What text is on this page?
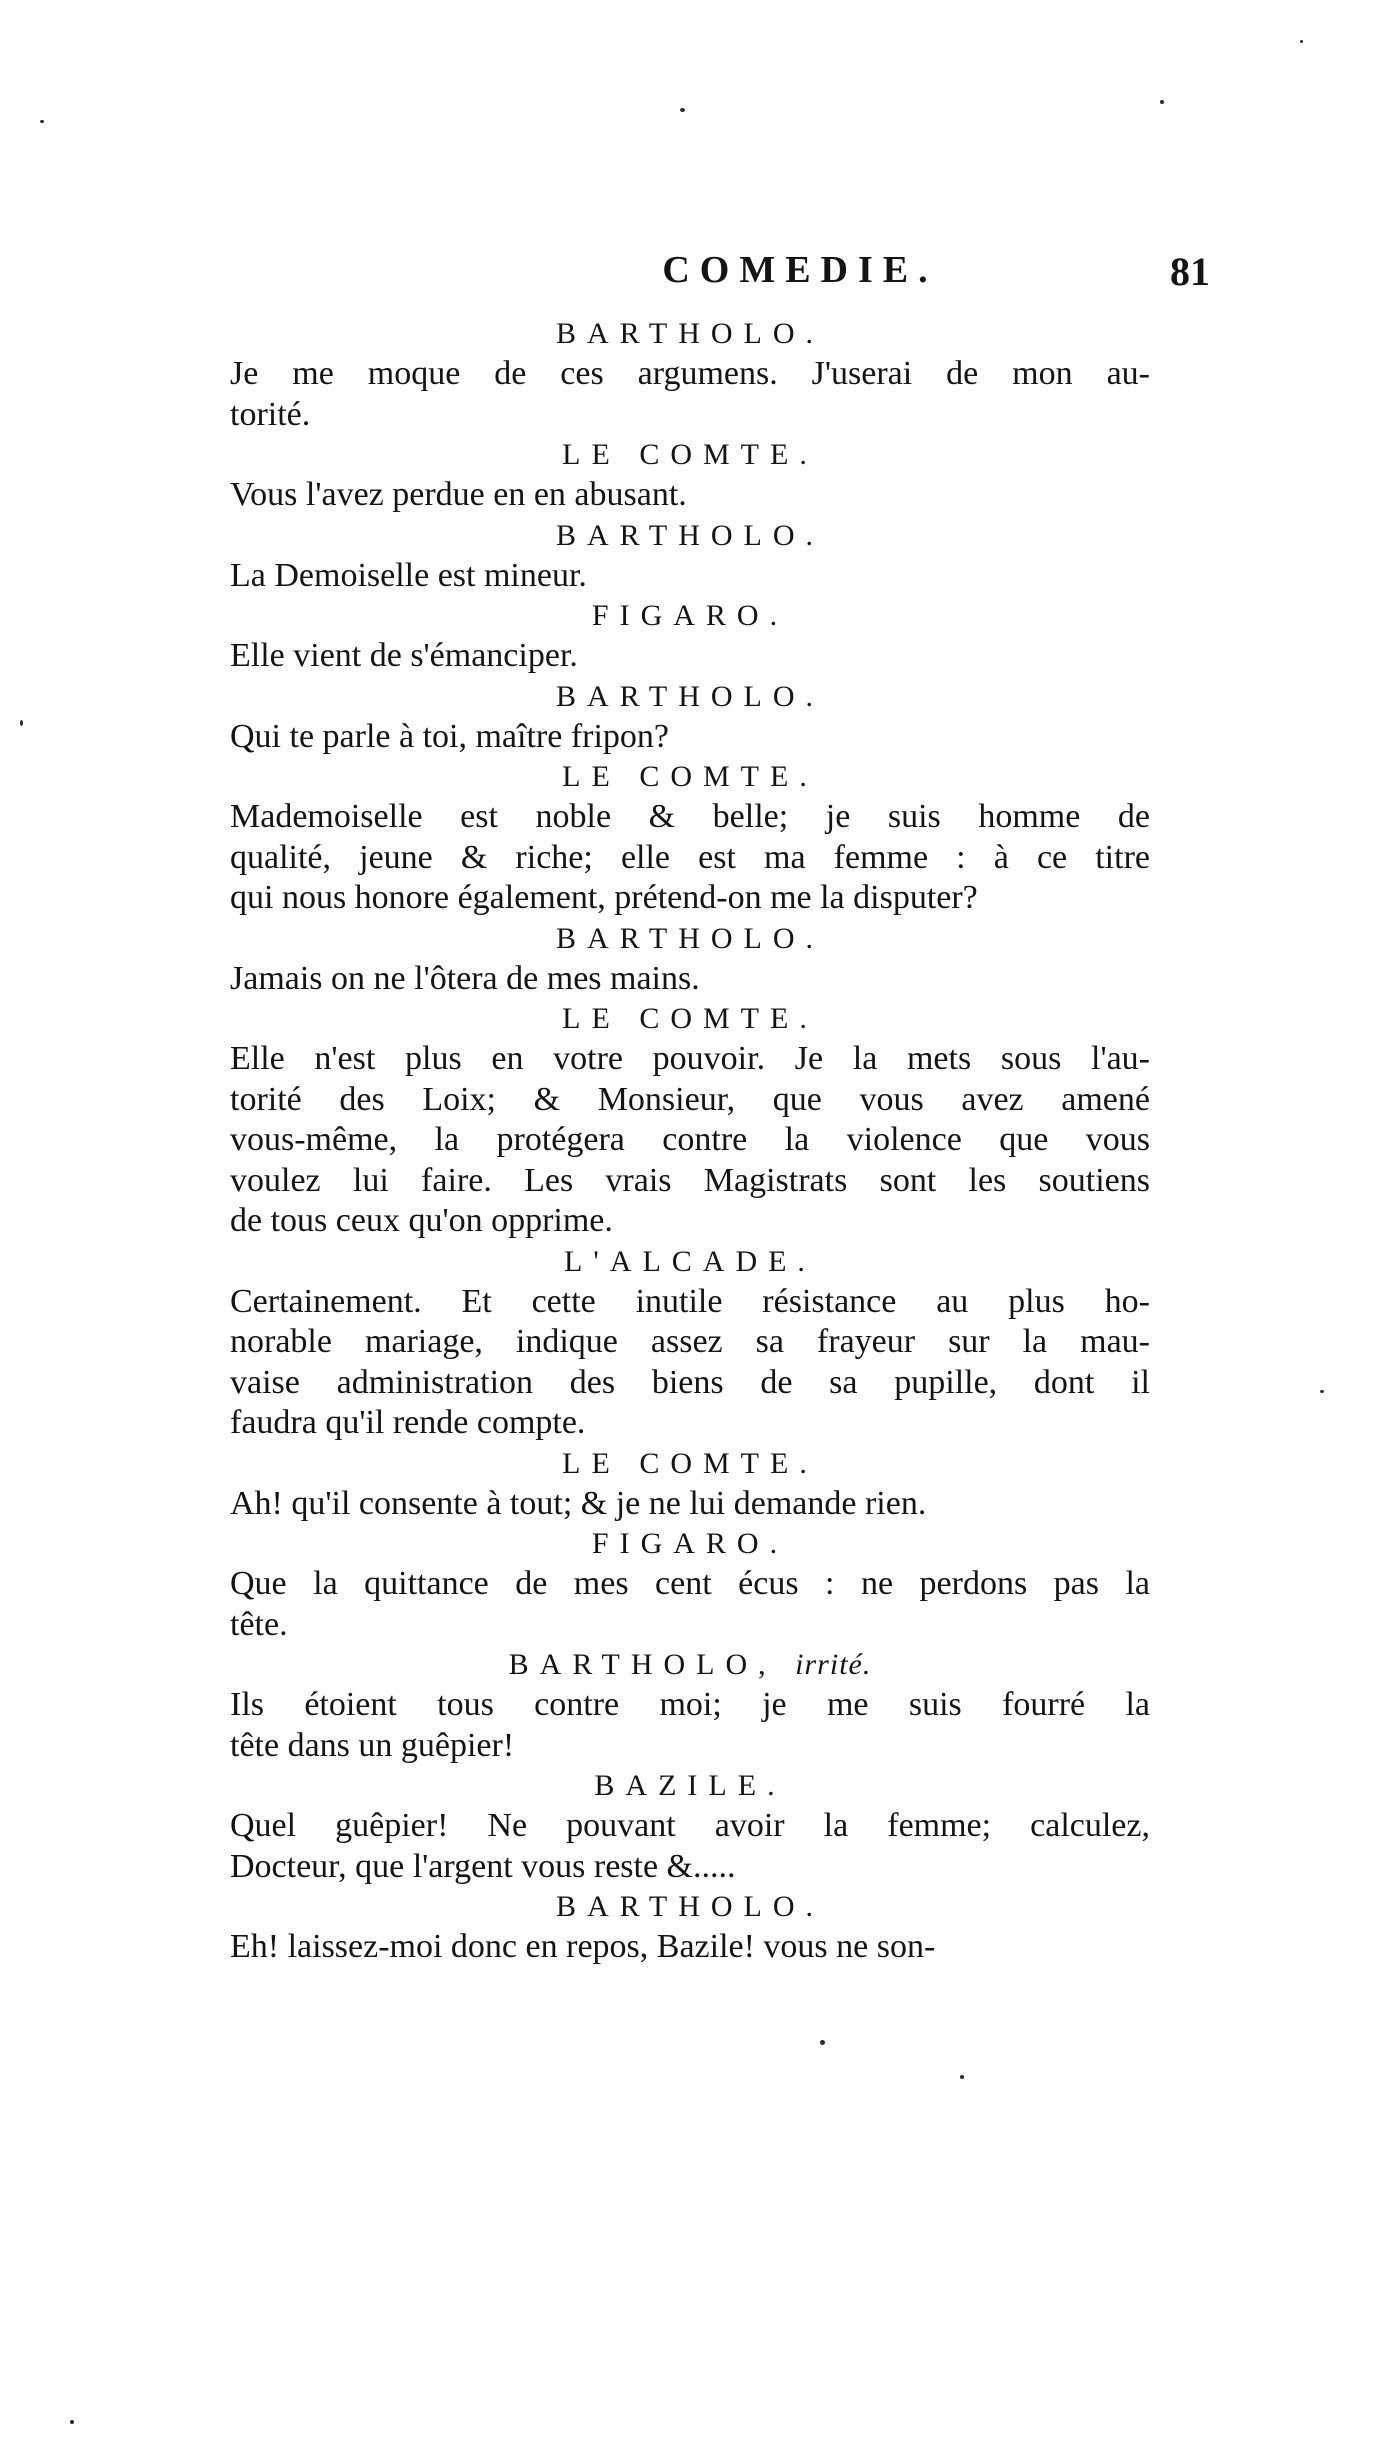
COMEDIE.	81
BARTHOLO.
Je me moque de ces argumens. J'userai de mon au-
torité.
LE COMTE.
Vous l'avez perdue en en abusant.
BARTHOLO.
La Demoiselle est mineur.
FIGARO.
Elle vient de s'émanciper.
BARTHOLO.
Qui te parle à toi, maître fripon?
LE COMTE.
Mademoiselle est noble & belle; je suis homme de
qualité, jeune & riche; elle est ma femme : à ce titre
qui nous honore également, prétend-on me la disputer?
BARTHOLO.
Jamais on ne l'ôtera de mes mains.
LE COMTE.
Elle n'est plus en votre pouvoir. Je la mets sous l'au-
torité des Loix; & Monsieur, que vous avez amené
vous-même, la protégera contre la violence que vous
voulez lui faire. Les vrais Magistrats sont les soutiens
de tous ceux qu'on opprime.
L'ALCADE.
Certainement. Et cette inutile résistance au plus ho-
norable mariage, indique assez sa frayeur sur la mau-
vaise administration des biens de sa pupille, dont il
faudra qu'il rende compte.
LE COMTE.
Ah! qu'il consente à tout; & je ne lui demande rien.
FIGARO.
Que la quittance de mes cent écus : ne perdons pas la
tête.
BARTHOLO, irrité.
Ils étoient tous contre moi; je me suis fourré la
tête dans un guêpier!
BAZILE.
Quel guêpier! Ne pouvant avoir la femme; calculez,
Docteur, que l'argent vous reste &.....
BARTHOLO.
Eh! laissez-moi donc en repos, Bazile! vous ne son-
